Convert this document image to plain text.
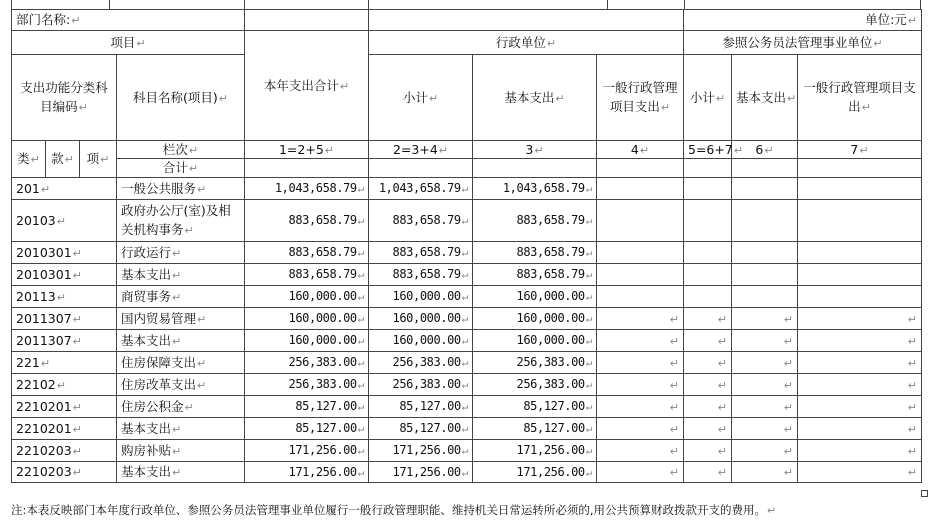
部门名称:↵								单位:元↵		
项目↵				本年支出合计↵	行政单位↵			参照公务员法管理事业单位↵		
支出功能分类科目编码↵			科目名称(项目)↵		小计↵	基本支出↵	一般行政管理项目支出↵	小计↵	基本支出↵	一般行政管理项目支出↵
类↵	款↵	项↵	栏次↵	1=2+5↵	2=3+4↵	3↵	4↵	5=6+7↵	6↵	7↵
			合计↵							
201↵			一般公共服务↵	1,043,658.79↵	1,043,658.79↵	1,043,658.79↵				
20103↵			政府办公厅(室)及相关机构事务↵	883,658.79↵	883,658.79↵	883,658.79↵				
2010301↵			行政运行↵	883,658.79↵	883,658.79↵	883,658.79↵				
2010301↵			基本支出↵	883,658.79↵	883,658.79↵	883,658.79↵				
20113↵			商贸事务↵	160,000.00↵	160,000.00↵	160,000.00↵				
2011307↵			国内贸易管理↵	160,000.00↵	160,000.00↵	160,000.00↵	↵	↵	↵	↵
2011307↵			基本支出↵	160,000.00↵	160,000.00↵	160,000.00↵	↵	↵	↵	↵
221↵			住房保障支出↵	256,383.00↵	256,383.00↵	256,383.00↵	↵	↵	↵	↵
22102↵			住房改革支出↵	256,383.00↵	256,383.00↵	256,383.00↵	↵	↵	↵	↵
2210201↵			住房公积金↵	85,127.00↵	85,127.00↵	85,127.00↵	↵	↵	↵	↵
2210201↵			基本支出↵	85,127.00↵	85,127.00↵	85,127.00↵	↵	↵	↵	↵
2210203↵			购房补贴↵	171,256.00↵	171,256.00↵	171,256.00↵	↵	↵	↵	↵
2210203↵			基本支出↵	171,256.00↵	171,256.00↵	171,256.00↵	↵	↵	↵	↵
注:本表反映部门本年度行政单位、参照公务员法管理事业单位履行一般行政管理职能、维持机关日常运转所必须的,用公共预算财政拨款开支的费用。↵
